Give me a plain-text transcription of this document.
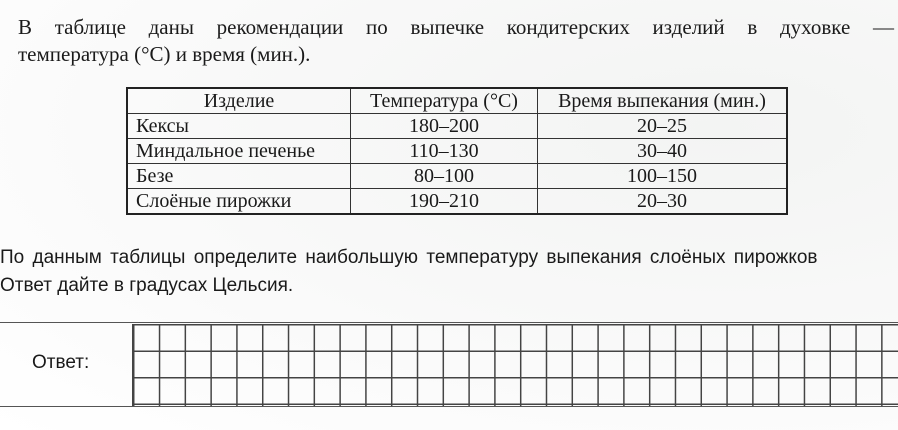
В таблице даны рекомендации по выпечке кондитерских изделий в духовке —
температура (°C) и время (мин.).
Изделие	Температура (°C)	Время выпекания (мин.)
Кексы	180–200	20–25
Миндальное печенье	110–130	30–40
Безе	80–100	100–150
Слоёные пирожки	190–210	20–30
По данным таблицы определите наибольшую температуру выпекания слоёных пирожков
Ответ дайте в градусах Цельсия.
Ответ:
